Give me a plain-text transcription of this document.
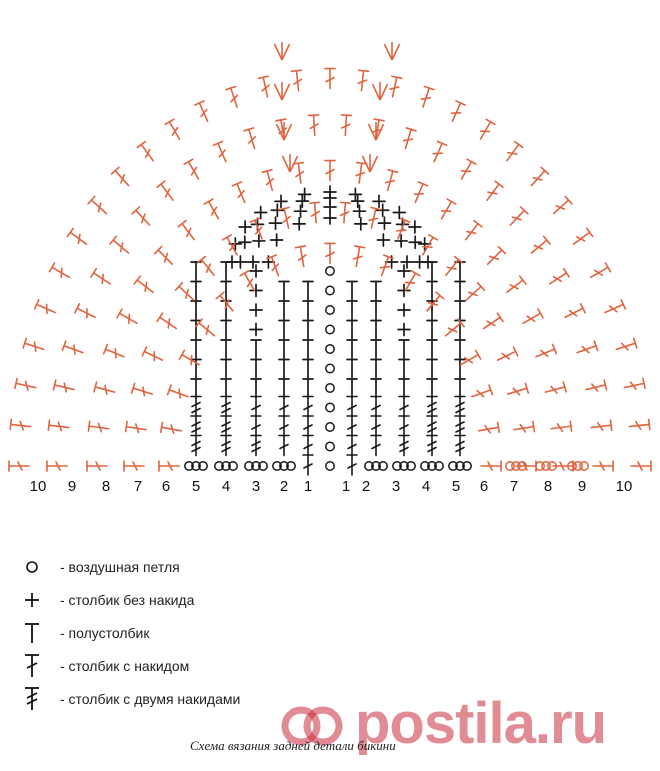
10	9	8	7	6	5	4	3	2	1	1 2	3	4	5	6	7	8	9	10
- воздушная петля
- столбик без накида
- полустолбик
- столбик с накидом
- столбик с двумя накидами postila.ru
Схема вязания задней детали бикини
